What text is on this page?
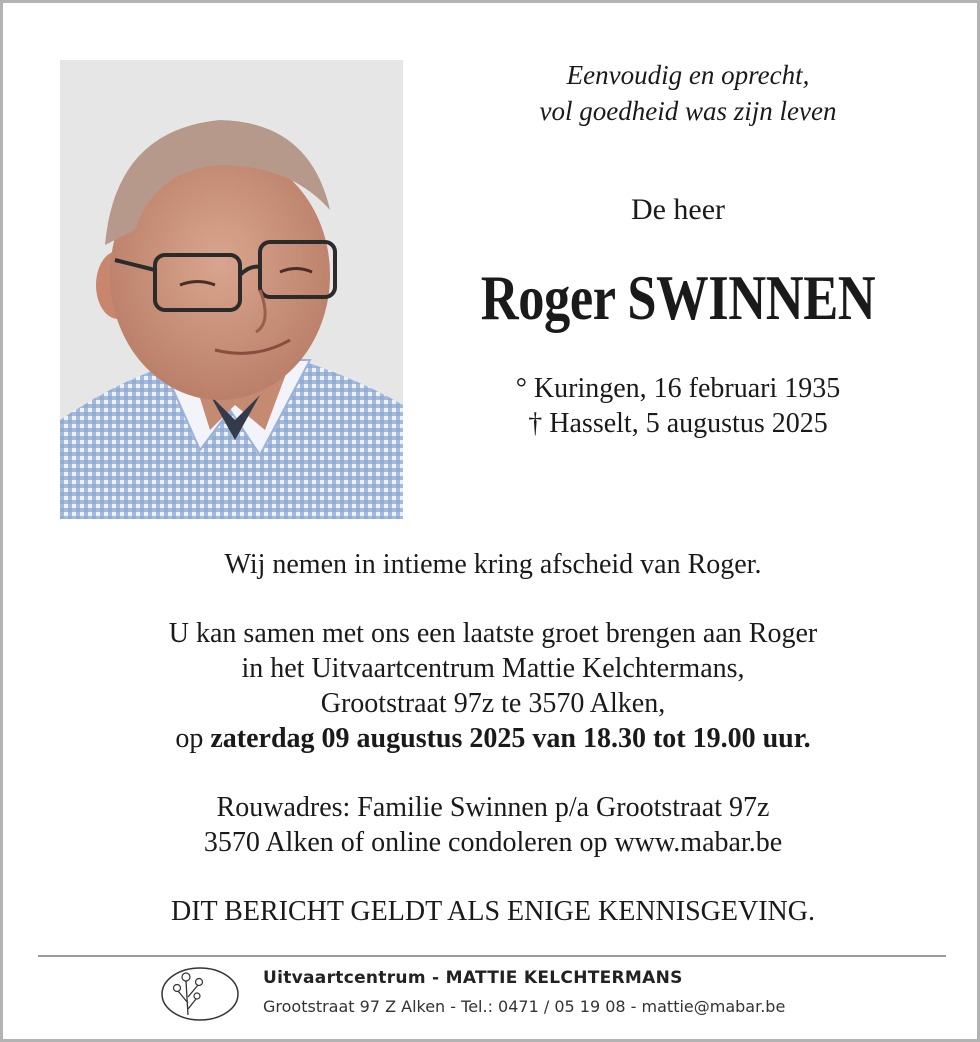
Eenvoudig en oprecht,
vol goedheid was zijn leven
De heer
Roger SWINNEN
° Kuringen, 16 februari 1935
† Hasselt, 5 augustus 2025

Wij nemen in intieme kring afscheid van Roger.

U kan samen met ons een laatste groet brengen aan Roger

in het Uitvaartcentrum Mattie Kelchtermans,

Grootstraat 97z te 3570 Alken,

op zaterdag 09 augustus 2025 van 18.30 tot 19.00 uur.

Rouwadres: Familie Swinnen p/a Grootstraat 97z

3570 Alken of online condoleren op www.mabar.be

DIT BERICHT GELDT ALS ENIGE KENNISGEVING.

Uitvaartcentrum - MATTIE KELCHTERMANS
Grootstraat 97 Z Alken - Tel.: 0471 / 05 19 08 - mattie@mabar.be
